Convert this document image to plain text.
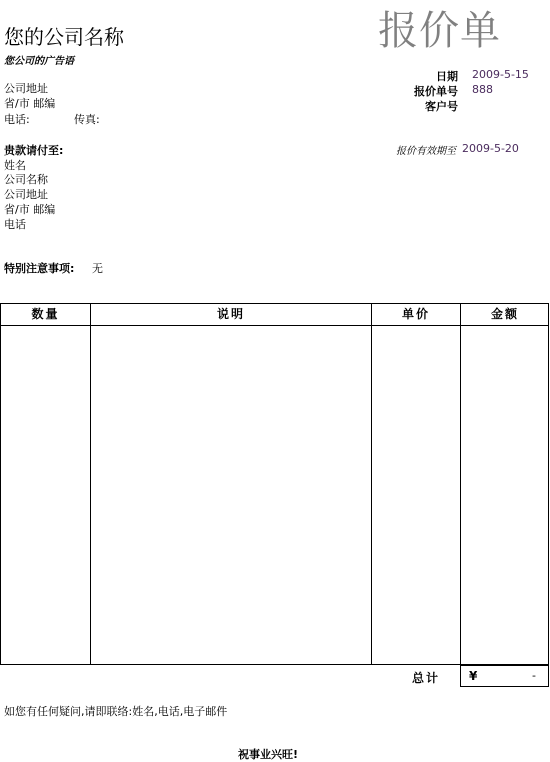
您的公司名称
您公司的广告语
报价单
公司地址
省/市 邮编
电话:	传真:
日期 2009-5-15
报价单号 888
客户号
贵款请付至:
姓名
公司名称
公司地址
省/市 邮编
电话
报价有效期至 2009-5-20
特别注意事项: 无
数量	说明	单价	金额
总计 ¥	-
如您有任何疑问,请即联络:姓名,电话,电子邮件
祝事业兴旺!
